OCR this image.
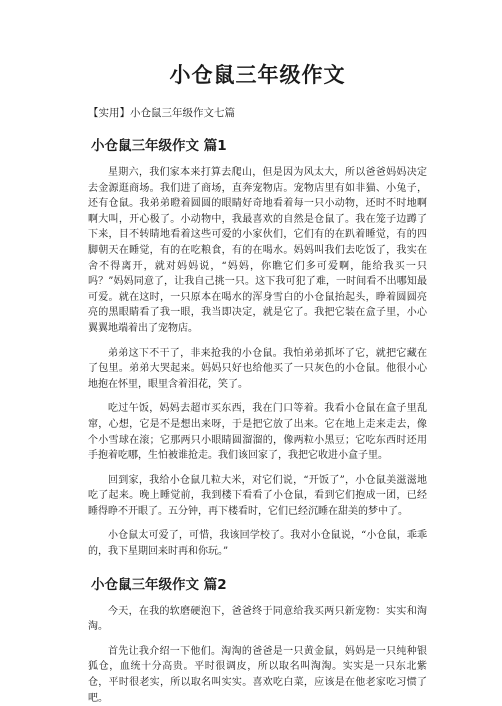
小仓鼠三年级作文

【实用】小仓鼠三年级作文七篇

小仓鼠三年级作文 篇1

星期六，我们家本来打算去爬山，但是因为风太大，所以爸爸妈妈决定去金源逛商场。我们进了商场，直奔宠物店。宠物店里有如非猫、小兔子，还有仓鼠。我弟弟瞪着圆圆的眼睛好奇地看着每一只小动物，还时不时地啊啊大叫，开心极了。小动物中，我最喜欢的自然是仓鼠了。我在笼子边蹲了下来，目不转睛地看着这些可爱的小家伙们，它们有的在趴着睡觉，有的四脚朝天在睡觉，有的在吃粮食，有的在喝水。妈妈叫我们去吃饭了，我实在舍不得离开，就对妈妈说，“妈妈，你瞧它们多可爱啊，能给我买一只吗？”妈妈同意了，让我自己挑一只。这下我可犯了难，一时间看不出哪知最可爱。就在这时，一只原本在喝水的浑身雪白的小仓鼠抬起头，睁着圆圆亮亮的黑眼睛看了我一眼，我当即决定，就是它了。我把它装在盒子里，小心翼翼地端着出了宠物店。

弟弟这下不干了，非来抢我的小仓鼠。我怕弟弟抓坏了它，就把它藏在了包里。弟弟大哭起来。妈妈只好也给他买了一只灰色的小仓鼠。他很小心地抱在怀里，眼里含着泪花，笑了。

吃过午饭，妈妈去超市买东西，我在门口等着。我看小仓鼠在盒子里乱窜，心想，它是不是想出来呀，于是把它放了出来。它在地上走来走去，像个小雪球在滚；它那两只小眼睛圆溜溜的，像两粒小黑豆；它吃东西时还用手抱着吃哪，生怕被谁抢走。我们该回家了，我把它收进小盒子里。

回到家，我给小仓鼠几粒大米，对它们说，“开饭了”，小仓鼠美滋滋地吃了起来。晚上睡觉前，我到楼下看看了小仓鼠，看到它们抱成一团，已经睡得睁不开眼了。五分钟，再下楼看时，它们已经沉睡在甜美的梦中了。

小仓鼠太可爱了，可惜，我该回学校了。我对小仓鼠说，“小仓鼠，乖乖的，我下星期回来时再和你玩。”

小仓鼠三年级作文 篇2

今天，在我的软磨硬泡下，爸爸终于同意给我买两只新宠物：实实和淘淘。

首先让我介绍一下他们。淘淘的爸爸是一只黄金鼠，妈妈是一只纯种银狐仓，血统十分高贵。平时很调皮，所以取名叫淘淘。实实是一只东北紫仓，平时很老实，所以取名叫实实。喜欢吃白菜，应该是在他老家吃习惯了吧。
